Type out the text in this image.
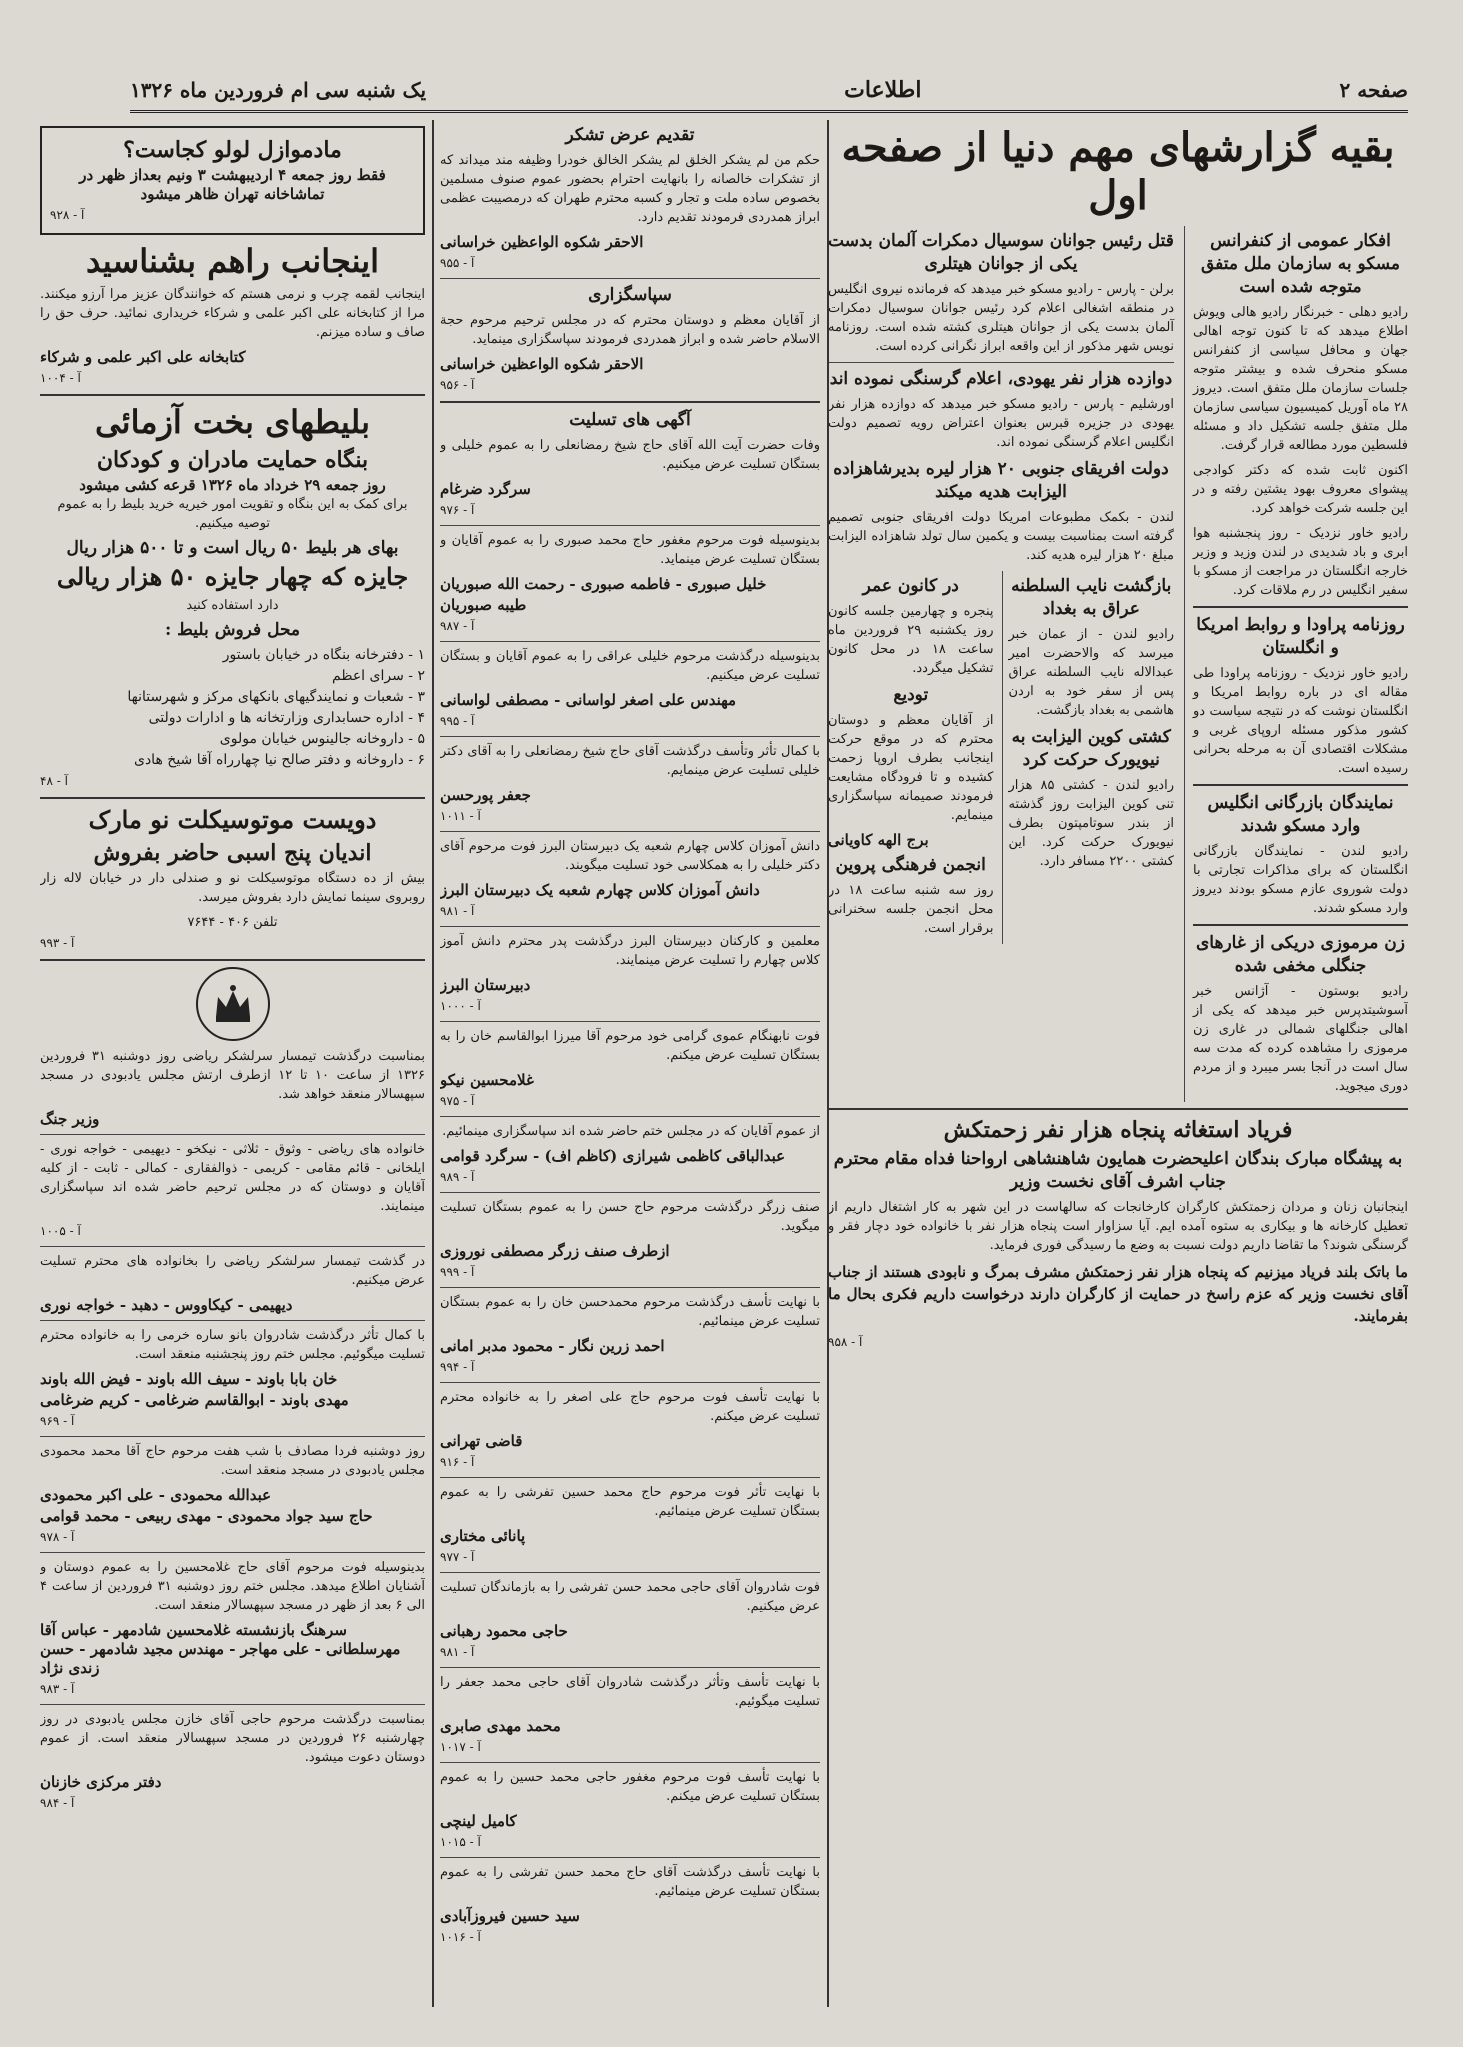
صفحه ۲
اطلاعات
یک شنبه سی ام فروردین ماه ۱۳۲۶
بقیه گزارشهای مهم دنیا از صفحه اول
افکار عمومی از کنفرانس مسکو به سازمان ملل متفق متوجه شده است

رادیو دهلی - خبرنگار رادیو هالی ویوش اطلاع میدهد که تا کنون توجه اهالی جهان و محافل سیاسی از کنفرانس مسکو منحرف شده و بیشتر متوجه جلسات سازمان ملل متفق است. دیروز ۲۸ ماه آوریل کمیسیون سیاسی سازمان ملل متفق جلسه تشکیل داد و مسئله فلسطین مورد مطالعه قرار گرفت.

اکنون ثابت شده که دکتر کوادجی پیشوای معروف بهود یشتین رفته و در این جلسه شرکت خواهد کرد.

رادیو خاور نزدیک - روز پنجشنبه هوا ابری و باد شدیدی در لندن وزید و وزیر خارجه انگلستان در مراجعت از مسکو با سفیر انگلیس در رم ملاقات کرد.

روزنامه پراودا و روابط امریکا و انگلستان

رادیو خاور نزدیک - روزنامه پراودا طی مقاله ای در باره روابط امریکا و انگلستان نوشت که در نتیجه سیاست دو کشور مذکور مسئله اروپای غربی و مشکلات اقتصادی آن به مرحله بحرانی رسیده است.

نمایندگان بازرگانی انگلیس وارد مسکو شدند

رادیو لندن - نمایندگان بازرگانی انگلستان که برای مذاکرات تجارتی با دولت شوروی عازم مسکو بودند دیروز وارد مسکو شدند.

زن مرموزی دریکی از غارهای جنگلی مخفی شده

رادیو بوستون - آژانس خبر آسوشیتدپرس خبر میدهد که یکی از اهالی جنگلهای شمالی در غاری زن مرموزی را مشاهده کرده که مدت سه سال است در آنجا بسر میبرد و از مردم دوری میجوید.

قتل رئیس جوانان سوسیال دمکرات آلمان بدست یکی از جوانان هیتلری

برلن - پارس - رادیو مسکو خبر میدهد که فرمانده نیروی انگلیس در منطقه اشغالی اعلام کرد رئیس جوانان سوسیال دمکرات آلمان بدست یکی از جوانان هیتلری کشته شده است. روزنامه نویس شهر مذکور از این واقعه ابراز نگرانی کرده است.

دوازده هزار نفر یهودی، اعلام گرسنگی نموده اند

اورشلیم - پارس - رادیو مسکو خبر میدهد که دوازده هزار نفر یهودی در جزیره قبرس بعنوان اعتراض رویه تصمیم دولت انگلیس اعلام گرسنگی نموده اند.

دولت افریقای جنوبی ۲۰ هزار لیره بدیرشاهزاده الیزابت هدیه میکند

لندن - بکمک مطبوعات امریکا دولت افریقای جنوبی تصمیم گرفته است بمناسبت بیست و یکمین سال تولد شاهزاده الیزابت مبلغ ۲۰ هزار لیره هدیه کند.

بازگشت نایب السلطنه عراق به بغداد

رادیو لندن - از عمان خبر میرسد که والاحضرت امیر عبدالاله نایب السلطنه عراق پس از سفر خود به اردن هاشمی به بغداد بازگشت.

کشتی کوین الیزابت به نیویورک حرکت کرد

رادیو لندن - کشتی ۸۵ هزار تنی کوین الیزابت روز گذشته از بندر سوتامپتون بطرف نیویورک حرکت کرد. این کشتی ۲۲۰۰ مسافر دارد.

در کانون عمر

پنجره و چهارمین جلسه کانون روز یکشنبه ۲۹ فروردین ماه ساعت ۱۸ در محل کانون تشکیل میگردد.

تودیع

از آقایان معظم و دوستان محترم که در موقع حرکت اینجانب بطرف اروپا زحمت کشیده و تا فرودگاه مشایعت فرمودند صمیمانه سپاسگزاری مینمایم.

برج الهه کاویانی
انجمن فرهنگی پروین

روز سه شنبه ساعت ۱۸ در محل انجمن جلسه سخنرانی برقرار است.

فریاد استغاثه پنجاه هزار نفر زحمتکش
به پیشگاه مبارک بندگان اعلیحضرت همایون شاهنشاهی ارواحنا فداه مقام محترم جناب اشرف آقای نخست وزیر

اینجانبان زنان و مردان زحمتکش کارگران کارخانجات که سالهاست در این شهر به کار اشتغال داریم از تعطیل کارخانه ها و بیکاری به ستوه آمده ایم. آیا سزاوار است پنجاه هزار نفر با خانواده خود دچار فقر و گرسنگی شوند؟ ما تقاضا داریم دولت نسبت به وضع ما رسیدگی فوری فرماید.

ما باتک بلند فریاد میزنیم که پنجاه هزار نفر زحمتکش مشرف بمرگ و نابودی هستند از جناب آقای نخست وزیر که عزم راسخ در حمایت از کارگران دارند درخواست داریم فکری بحال ما بفرمایند.

آ - ۹۵۸
تقدیم عرض تشکر

حکم من لم یشکر الخلق لم یشکر الخالق خودرا وظیفه مند میداند که از تشکرات خالصانه را بانهایت احترام بحضور عموم صنوف مسلمین بخصوص ساده ملت و تجار و کسبه محترم طهران که درمصیبت عظمی ابراز همدردی فرمودند تقدیم دارد.

الاحقر شکوه الواعظین خراسانی
آ - ۹۵۵
سپاسگزاری

از آقایان معظم و دوستان محترم که در مجلس ترحیم مرحوم حجة الاسلام حاضر شده و ابراز همدردی فرمودند سپاسگزاری مینماید.

الاحقر شکوه الواعظین خراسانی
آ - ۹۵۶
آگهی های تسلیت

وفات حضرت آیت الله آقای حاج شیخ رمضانعلی را به عموم خلیلی و بستگان تسلیت عرض میکنیم.

سرگرد ضرغام
آ - ۹۷۶

بدینوسیله فوت مرحوم مغفور حاج محمد صبوری را به عموم آقایان و بستگان تسلیت عرض مینماید.

خلیل صبوری - فاطمه صبوری - رحمت الله صبوریان
طیبه صبوریان
آ - ۹۸۷

بدینوسیله درگذشت مرحوم خلیلی عراقی را به عموم آقایان و بستگان تسلیت عرض میکنیم.

مهندس علی اصغر لواسانی - مصطفی لواسانی
آ - ۹۹۵

با کمال تأثر وتأسف درگذشت آقای حاج شیخ رمضانعلی را به آقای دکتر خلیلی تسلیت عرض مینمایم.

جعفر پورحسن
آ - ۱۰۱۱

دانش آموزان کلاس چهارم شعبه یک دبیرستان البرز فوت مرحوم آقای دکتر خلیلی را به همکلاسی خود تسلیت میگویند.

دانش آموزان کلاس چهارم شعبه یک دبیرستان البرز
آ - ۹۸۱

معلمین و کارکنان دبیرستان البرز درگذشت پدر محترم دانش آموز کلاس چهارم را تسلیت عرض مینمایند.

دبیرستان البرز
آ - ۱۰۰۰

فوت نابهنگام عموی گرامی خود مرحوم آقا میرزا ابوالقاسم خان را به بستگان تسلیت عرض میکنم.

غلامحسین نیکو
آ - ۹۷۵

از عموم آقایان که در مجلس ختم حاضر شده اند سپاسگزاری مینمائیم.

عبدالباقی کاظمی شیرازی (کاظم اف) - سرگرد قوامی
آ - ۹۸۹

صنف زرگر درگذشت مرحوم حاج حسن را به عموم بستگان تسلیت میگوید.

ازطرف صنف زرگر مصطفی نوروزی
آ - ۹۹۹

با نهایت تأسف درگذشت مرحوم محمدحسن خان را به عموم بستگان تسلیت عرض مینمائیم.

احمد زرین نگار - محمود مدبر امانی
آ - ۹۹۴

با نهایت تأسف فوت مرحوم حاج علی اصغر را به خانواده محترم تسلیت عرض میکنم.

قاضی تهرانی
آ - ۹۱۶

با نهایت تأثر فوت مرحوم حاج محمد حسین تفرشی را به عموم بستگان تسلیت عرض مینمائیم.

پانائی مختاری
آ - ۹۷۷

فوت شادروان آقای حاجی محمد حسن تفرشی را به بازماندگان تسلیت عرض میکنیم.

حاجی محمود رهبانی
آ - ۹۸۱

با نهایت تأسف وتأثر درگذشت شادروان آقای حاجی محمد جعفر را تسلیت میگوئیم.

محمد مهدی صابری
آ - ۱۰۱۷

با نهایت تأسف فوت مرحوم مغفور حاجی محمد حسین را به عموم بستگان تسلیت عرض میکنم.

کامیل لینچی
آ - ۱۰۱۵

با نهایت تأسف درگذشت آقای حاج محمد حسن تفرشی را به عموم بستگان تسلیت عرض مینمائیم.

سید حسین فیروزآبادی
آ - ۱۰۱۶
مادموازل لولو کجاست؟
فقط روز جمعه ۴ اردیبهشت ۳ ونیم بعداز ظهر در تماشاخانه تهران ظاهر میشود
آ - ۹۲۸
اینجانب راهم بشناسید

اینجانب لقمه چرب و نرمی هستم که خوانندگان عزیز مرا آرزو میکنند. مرا از کتابخانه علی اکبر علمی و شرکاء خریداری نمائید. حرف حق را صاف و ساده میزنم.

کتابخانه علی اکبر علمی و شرکاء
آ - ۱۰۰۴
بلیطهای بخت آزمائی
بنگاه حمایت مادران و کودکان
روز جمعه ۲۹ خرداد ماه ۱۳۲۶ قرعه کشی میشود

برای کمک به این بنگاه و تقویت امور خیریه خرید بلیط را به عموم توصیه میکنیم.

بهای هر بلیط ۵۰ ریال است و تا ۵۰۰ هزار ریال
جایزه که چهار جایزه ۵۰ هزار ریالی
دارد استفاده کنید
محل فروش بلیط :
۱ - دفترخانه بنگاه در خیابان باستور
۲ - سرای اعظم
۳ - شعبات و نمایندگیهای بانکهای مرکز و شهرستانها
۴ - اداره حسابداری وزارتخانه ها و ادارات دولتی
۵ - داروخانه جالینوس خیابان مولوی
۶ - داروخانه و دفتر صالح نیا چهارراه آقا شیخ هادی
آ - ۴۸
دویست موتوسیکلت نو مارک
اندیان پنج اسبی حاضر بفروش

بیش از ده دستگاه موتوسیکلت نو و صندلی دار در خیابان لاله زار روبروی سینما نمایش دارد بفروش میرسد.

تلفن ۴۰۶ - ۷۶۴۴
آ - ۹۹۳

بمناسبت درگذشت تیمسار سرلشکر ریاضی روز دوشنبه ۳۱ فروردین ۱۳۲۶ از ساعت ۱۰ تا ۱۲ ازطرف ارتش مجلس یادبودی در مسجد سپهسالار منعقد خواهد شد.

وزیر جنگ

خانواده های ریاضی - وثوق - ثلاثی - نیکخو - دیهیمی - خواجه نوری - ایلخانی - قائم مقامی - کریمی - ذوالفقاری - کمالی - ثابت - از کلیه آقایان و دوستان که در مجلس ترحیم حاضر شده اند سپاسگزاری مینمایند.

آ - ۱۰۰۵

در گذشت تیمسار سرلشکر ریاضی را بخانواده های محترم تسلیت عرض میکنیم.

دیهیمی - کیکاووس - دهبد - خواجه نوری

با کمال تأثر درگذشت شادروان بانو ساره خرمی را به خانواده محترم تسلیت میگوئیم. مجلس ختم روز پنجشنبه منعقد است.

خان بابا باوند - سیف الله باوند - فیض الله باوند
مهدی باوند - ابوالقاسم ضرغامی - کریم ضرغامی
آ - ۹۶۹

روز دوشنبه فردا مصادف با شب هفت مرحوم حاج آقا محمد محمودی مجلس یادبودی در مسجد منعقد است.

عبدالله محمودی - علی اکبر محمودی
حاج سید جواد محمودی - مهدی ربیعی - محمد قوامی
آ - ۹۷۸

بدینوسیله فوت مرحوم آقای حاج غلامحسین را به عموم دوستان و آشنایان اطلاع میدهد. مجلس ختم روز دوشنبه ۳۱ فروردین از ساعت ۴ الی ۶ بعد از ظهر در مسجد سپهسالار منعقد است.

سرهنگ بازنشسته غلامحسین شادمهر - عباس آقا مهرسلطانی - علی مهاجر - مهندس مجید شادمهر - حسن زندی نژاد
آ - ۹۸۳

بمناسبت درگذشت مرحوم حاجی آقای خازن مجلس یادبودی در روز چهارشنبه ۲۶ فروردین در مسجد سپهسالار منعقد است. از عموم دوستان دعوت میشود.

دفتر مرکزی خازنان
آ - ۹۸۴
